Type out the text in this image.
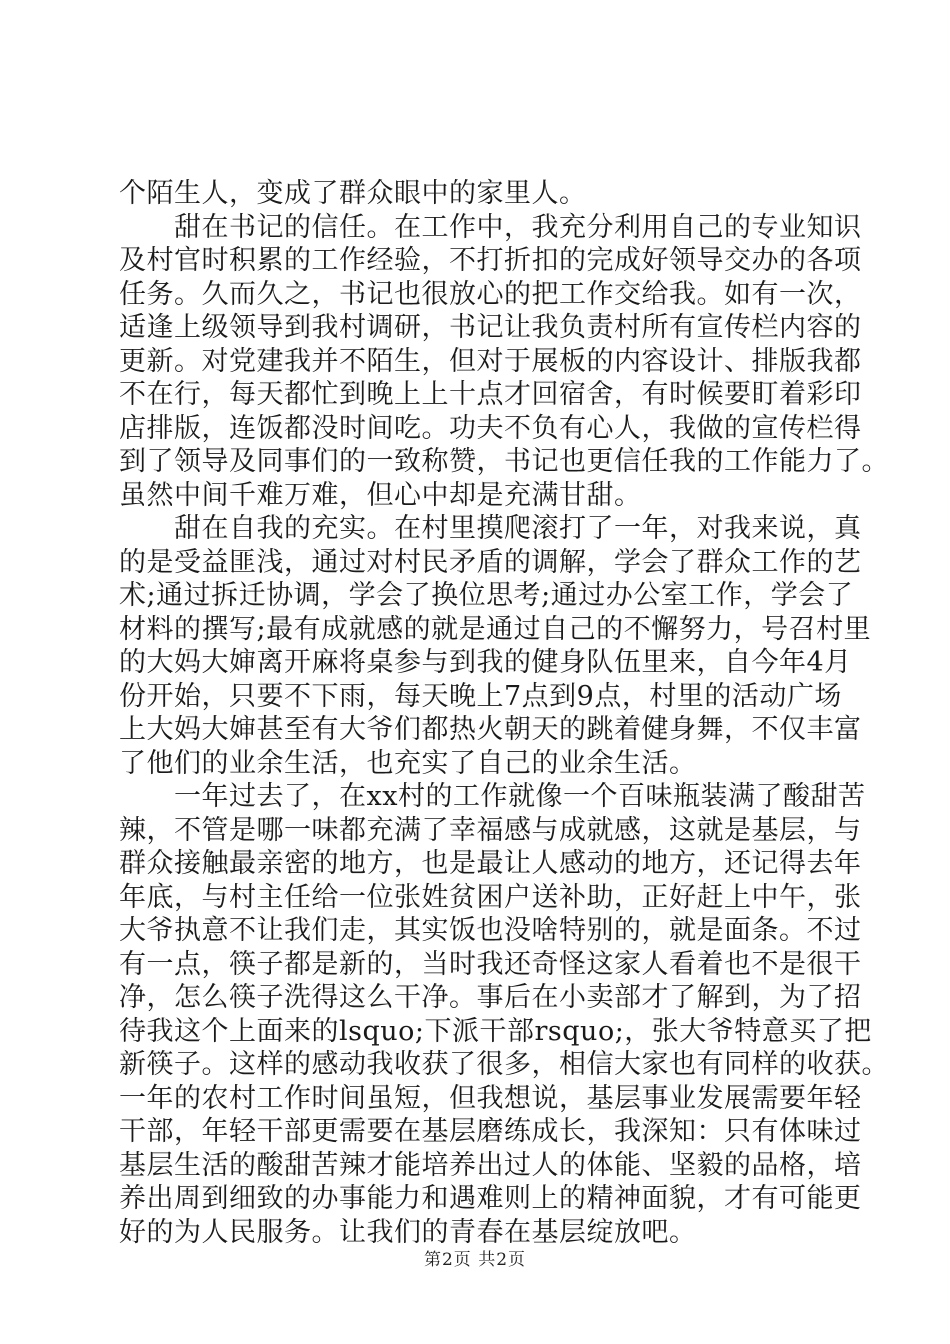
个陌生人，变成了群众眼中的家里人。
　　甜在书记的信任。在工作中，我充分利用自己的专业知识
及村官时积累的工作经验，不打折扣的完成好领导交办的各项
任务。久而久之，书记也很放心的把工作交给我。如有一次，
适逢上级领导到我村调研，书记让我负责村所有宣传栏内容的
更新。对党建我并不陌生，但对于展板的内容设计、排版我都
不在行，每天都忙到晚上上十点才回宿舍，有时候要盯着彩印
店排版，连饭都没时间吃。功夫不负有心人，我做的宣传栏得
到了领导及同事们的一致称赞，书记也更信任我的工作能力了。
虽然中间千难万难，但心中却是充满甘甜。
　　甜在自我的充实。在村里摸爬滚打了一年，对我来说，真
的是受益匪浅，通过对村民矛盾的调解，学会了群众工作的艺
术;通过拆迁协调，学会了换位思考;通过办公室工作，学会了
材料的撰写;最有成就感的就是通过自己的不懈努力，号召村里
的大妈大婶离开麻将桌参与到我的健身队伍里来，自今年4月
份开始，只要不下雨，每天晚上7点到9点，村里的活动广场
上大妈大婶甚至有大爷们都热火朝天的跳着健身舞，不仅丰富
了他们的业余生活，也充实了自己的业余生活。
　　一年过去了，在xx村的工作就像一个百味瓶装满了酸甜苦
辣，不管是哪一味都充满了幸福感与成就感，这就是基层，与
群众接触最亲密的地方，也是最让人感动的地方，还记得去年
年底，与村主任给一位张姓贫困户送补助，正好赶上中午，张
大爷执意不让我们走，其实饭也没啥特别的，就是面条。不过
有一点，筷子都是新的，当时我还奇怪这家人看着也不是很干
净，怎么筷子洗得这么干净。事后在小卖部才了解到，为了招
待我这个上面来的lsquo;下派干部rsquo;，张大爷特意买了把
新筷子。这样的感动我收获了很多，相信大家也有同样的收获。
一年的农村工作时间虽短，但我想说，基层事业发展需要年轻
干部，年轻干部更需要在基层磨练成长，我深知：只有体味过
基层生活的酸甜苦辣才能培养出过人的体能、坚毅的品格，培
养出周到细致的办事能力和遇难则上的精神面貌，才有可能更
好的为人民服务。让我们的青春在基层绽放吧。
第2页 共2页
